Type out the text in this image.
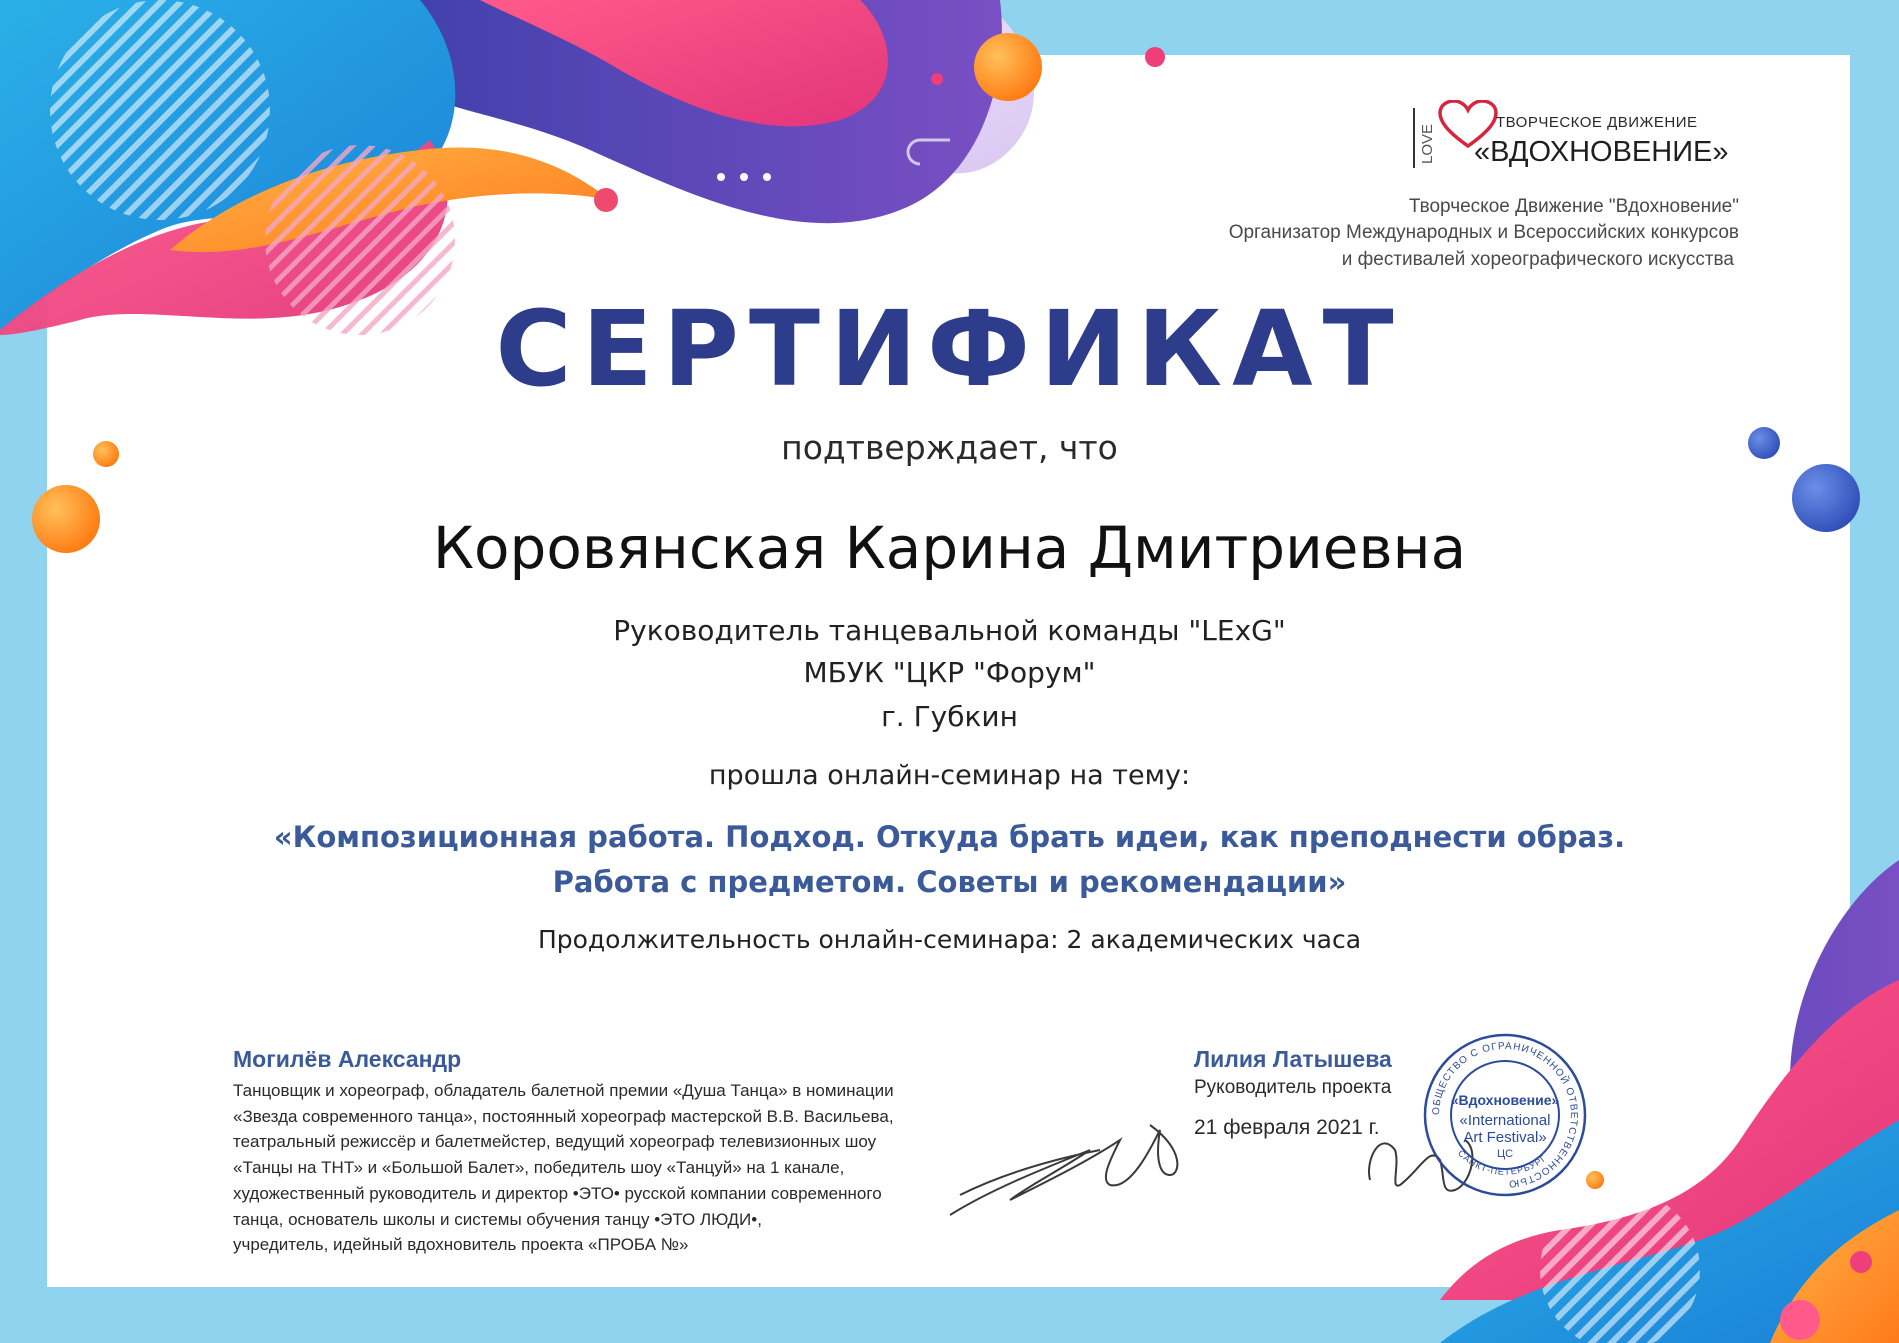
LOVE
ТВОРЧЕСКОЕ ДВИЖЕНИЕ
«ВДОХНОВЕНИЕ»
Творческое Движение "Вдохновение"
Организатор Международных и Всероссийских конкурсов
и фестивалей хореографического искусства
СЕРТИФИКАТ
подтверждает, что
Коровянская Карина Дмитриевна
Руководитель танцевальной команды "LExG"
МБУК "ЦКР "Форум"
г. Губкин
прошла онлайн-семинар на тему:
«Композиционная работа. Подход. Откуда брать идеи, как преподнести образ.
Работа с предметом. Советы и рекомендации»
Продолжительность онлайн-семинара: 2 академических часа
Могилёв Александр
Танцовщик и хореограф, обладатель балетной премии «Душа Танца» в номинации
«Звезда современного танца», постоянный хореограф мастерской В.В. Васильева,
театральный режиссёр и балетмейстер, ведущий хореограф телевизионных шоу
«Танцы на ТНТ» и «Большой Балет», победитель шоу «Танцуй» на 1 канале,
художественный руководитель и директор •ЭТО• русской компании современного
танца, основатель школы и системы обучения танцу •ЭТО ЛЮДИ•,
учредитель, идейный вдохновитель проекта «ПРОБА №»
Лилия Латышева
Руководитель проекта
21 февраля 2021 г.
ОБЩЕСТВО С ОГРАНИЧЕННОЙ ОТВЕТСТВЕННОСТЬЮ
САНКТ-ПЕТЕРБУРГ
«Вдохновение»
«International
Art Festival»
ЦС
